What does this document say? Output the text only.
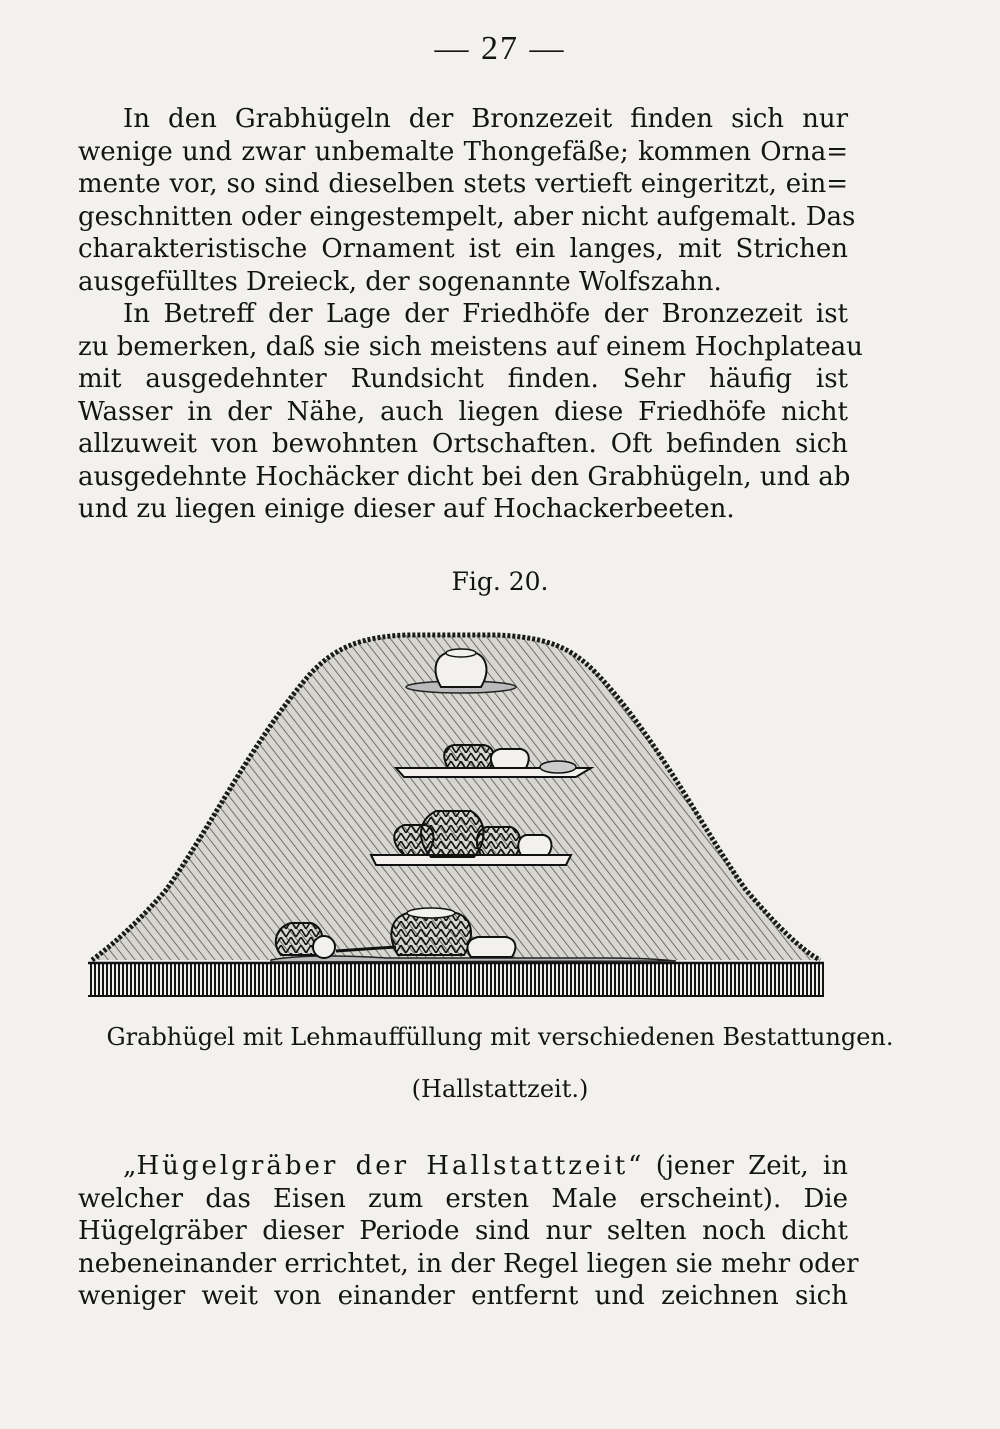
— 27 —
In den Grabhügeln der Bronzezeit finden sich nur
wenige und zwar unbemalte Thongefäße; kommen Orna=
mente vor, so sind dieselben stets vertieft eingeritzt, ein=
geschnitten oder eingestempelt, aber nicht aufgemalt. Das
charakteristische Ornament ist ein langes, mit Strichen
ausgefülltes Dreieck, der sogenannte Wolfszahn.
In Betreff der Lage der Friedhöfe der Bronzezeit ist
zu bemerken, daß sie sich meistens auf einem Hochplateau
mit ausgedehnter Rundsicht finden. Sehr häufig ist
Wasser in der Nähe, auch liegen diese Friedhöfe nicht
allzuweit von bewohnten Ortschaften. Oft befinden sich
ausgedehnte Hochäcker dicht bei den Grabhügeln, und ab
und zu liegen einige dieser auf Hochackerbeeten.
Fig. 20.
Grabhügel mit Lehmauffüllung mit verschiedenen Bestattungen.
(Hallstattzeit.)
„Hügelgräber der Hallstattzeit“ (jener Zeit, in
welcher das Eisen zum ersten Male erscheint). Die
Hügelgräber dieser Periode sind nur selten noch dicht
nebeneinander errichtet, in der Regel liegen sie mehr oder
weniger weit von einander entfernt und zeichnen sich
